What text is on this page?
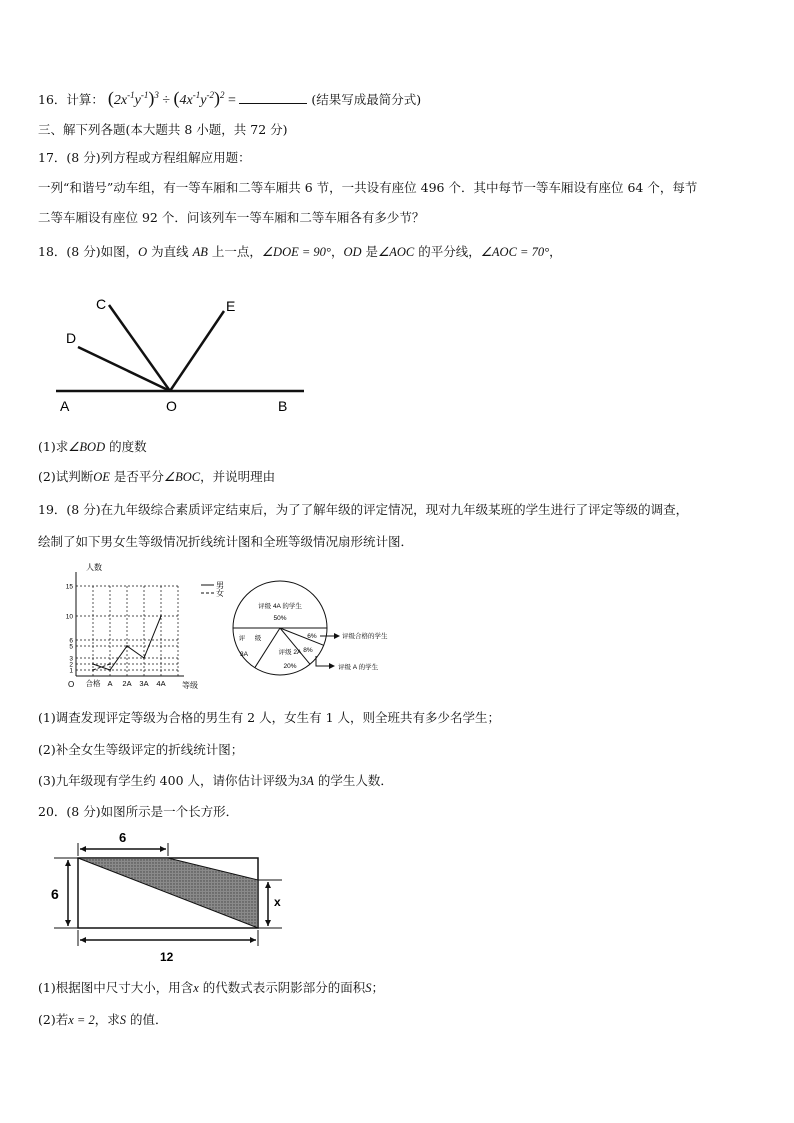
16．计算： $(2x^{-1}y^{-1})^3 \div (4x^{-1}y^{-2})^2$ =	(结果写成最简分式)
三、解下列各题(本大题共 8 小题，共 72 分)
17．(8 分)列方程或方程组解应用题：
一列“和谐号”动车组，有一等车厢和二等车厢共 6 节，一共设有座位 496 个．其中每节一等车厢设有座位 64 个，每节
二等车厢设有座位 92 个．问该列车一等车厢和二等车厢各有多少节？
18．(8 分)如图，O 为直线 AB 上一点，∠DOE = 90°，OD 是∠AOC 的平分线，∠AOC = 70°，
A	O	B
C
D
E
(1)求∠BOD 的度数
(2)试判断OE 是否平分∠BOC，并说明理由
19．(8 分)在九年级综合素质评定结束后，为了了解年级的评定情况，现对九年级某班的学生进行了评定等级的调查，
绘制了如下男女生等级情况折线统计图和全班等级情况扇形统计图．
人数
等级
O
男
女
1
2
3
5
6
10
15
合格 A 2A 3A 4A
评级 4A 的学生
50%
6%
8%
评级 2A
20%
评 级
3A
评级合格的学生
评级 A 的学生
(1)调查发现评定等级为合格的男生有 2 人，女生有 1 人，则全班共有多少名学生；
(2)补全女生等级评定的折线统计图；
(3)九年级现有学生约 400 人，请你估计评级为3A 的学生人数．
20．(8 分)如图所示是一个长方形．
6
6	x
12
(1)根据图中尺寸大小，用含x 的代数式表示阴影部分的面积S；
(2)若x = 2，求S 的值．
